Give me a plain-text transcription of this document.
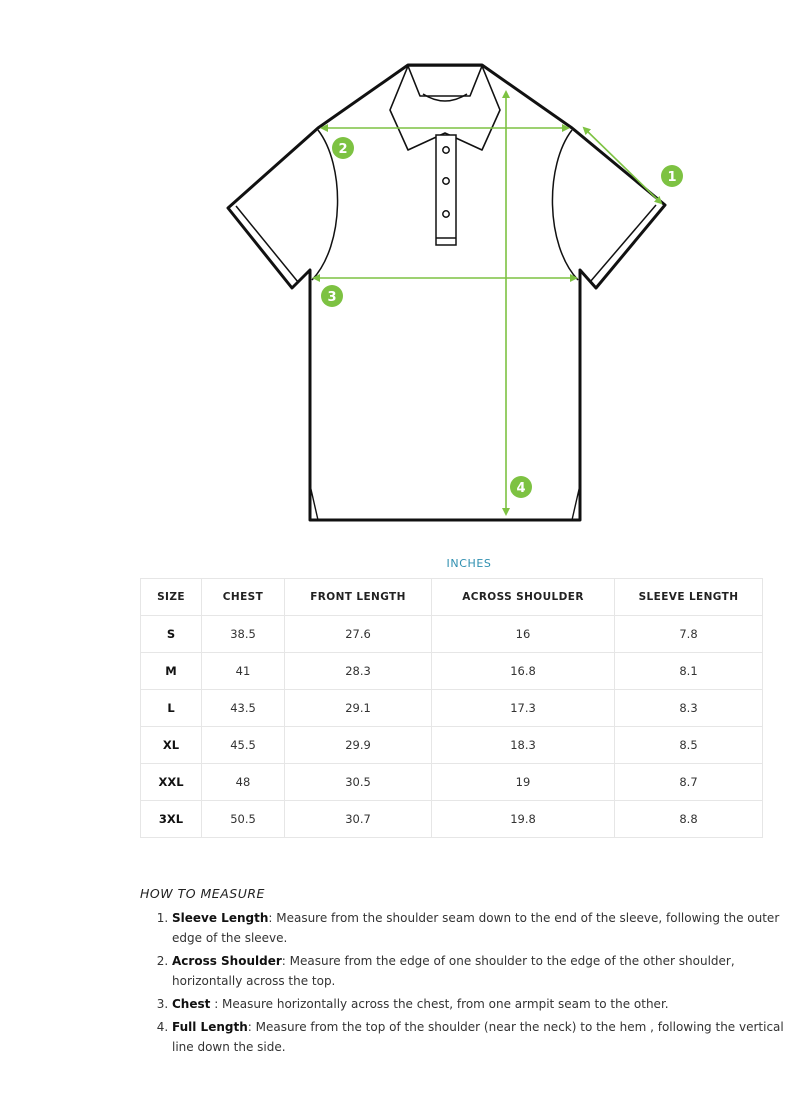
1
2
3
4
INCHES
SIZE	CHEST	FRONT LENGTH	ACROSS SHOULDER	SLEEVE LENGTH
S	38.5	27.6	16	7.8
M	41	28.3	16.8	8.1
L	43.5	29.1	17.3	8.3
XL	45.5	29.9	18.3	8.5
XXL	48	30.5	19	8.7
3XL	50.5	30.7	19.8	8.8
HOW TO MEASURE
1. Sleeve Length: Measure from the shoulder seam down to the end of the sleeve, following the outer edge of the sleeve.
2. Across Shoulder: Measure from the edge of one shoulder to the edge of the other shoulder, horizontally across the top.
3. Chest : Measure horizontally across the chest, from one armpit seam to the other.
4. Full Length: Measure from the top of the shoulder (near the neck) to the hem , following the vertical line down the side.
